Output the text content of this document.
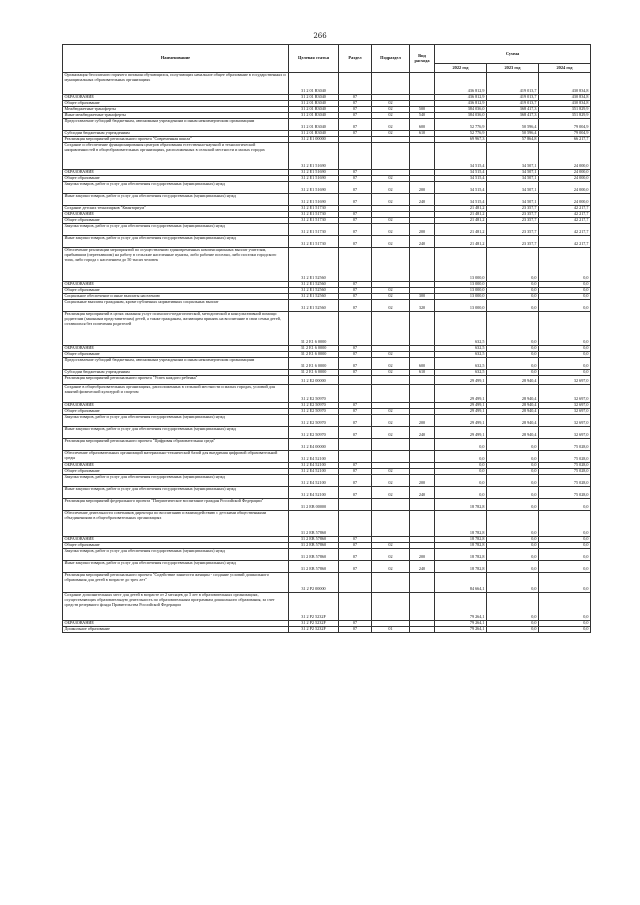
266
Наименование	Целевая статья	Раздел	Подраздел	Вид расхода	Сумма		
					2022 год	2023 год	2024 год
Организация бесплатного горячего питания обучающихся, получающих начальное общее образование в государственных и муниципальных образовательных организациях	31 2 01 R3040				436 812,9	419 013,7	430 834,8
ОБРАЗОВАНИЕ	31 2 01 R3040	07			436 812,9	419 013,7	430 834,8
Общее образование	31 2 01 R3040	07	02		436 812,9	419 013,7	430 834,8
Межбюджетные трансферты	31 2 01 R3040	07	02	500	384 036,0	368 417,3	351 829,9
Иные межбюджетные трансферты	31 2 01 R3040	07	02	540	384 036,0	368 417,3	351 829,9
Предоставление субсидий бюджетным, автономным учреждениям и иным некоммерческим организациям	31 2 01 R3040	07	02	600	52 776,9	50 596,4	79 004,9
Субсидии бюджетным учреждениям	31 2 01 R3040	07	02	610	52 776,9	50 596,4	79 004,9
Реализация мероприятий регионального проекта "Современная школа"	31 2 E1 00000				69 967,3	57 864,8	66 217,7
Создание и обеспечение функционирования центров образования естественно-научной и технологической направленностей в общеобразовательных организациях, расположенных в сельской местности и малых городах	31 2 E1 51690				34 515,4	34 507,1	24 000,0
ОБРАЗОВАНИЕ	31 2 E1 51690	07			34 515,4	34 507,1	24 000,0
Общее образование	31 2 E1 51690	07	02		34 515,4	34 507,1	24 000,0
Закупка товаров, работ и услуг для обеспечения государственных (муниципальных) нужд	31 2 E1 51690	07	02	200	34 515,4	34 507,1	24 000,0
Иные закупки товаров, работ и услуг для обеспечения государственных (муниципальных) нужд	31 2 E1 51690	07	02	240	34 515,4	34 507,1	24 000,0
Создание детских технопарков "Кванториум"	31 2 E1 51730				21 481,2	23 357,7	42 217,7
ОБРАЗОВАНИЕ	31 2 E1 51730	07			21 481,2	23 357,7	42 217,7
Общее образование	31 2 E1 51730	07	02		21 481,2	23 357,7	42 217,7
Закупка товаров, работ и услуг для обеспечения государственных (муниципальных) нужд	31 2 E1 51730	07	02	200	21 481,2	23 357,7	42 217,7
Иные закупки товаров, работ и услуг для обеспечения государственных (муниципальных) нужд	31 2 E1 51730	07	02	240	21 481,2	23 357,7	42 217,7
Обеспечение реализации мероприятий по осуществлению единовременных компенсационных выплат учителям, прибывшим (переехавшим) на работу в сельские населенные пункты, либо рабочие поселки, либо поселки городского типа, либо города с населением до 50 тысяч человек	31 2 E1 52560				13 000,0	0,0	0,0
ОБРАЗОВАНИЕ	31 2 E1 52560	07			13 000,0	0,0	0,0
Общее образование	31 2 E1 52560	07	02		13 000,0	0,0	0,0
Социальное обеспечение и иные выплаты населению	31 2 E1 52560	07	02	300	13 000,0	0,0	0,0
Социальные выплаты гражданам, кроме публичных нормативных социальных выплат	31 2 E1 52560	07	02	320	13 000,0	0,0	0,0
Реализация мероприятий в целях оказания услуг психолого-педагогической, методической и консультативной помощи родителям (законным представителям) детей, а также гражданам, желающим принять на воспитание в свои семьи детей, оставшихся без попечения родителей	31 2 E1 6 0000				632,5	0,0	0,0
ОБРАЗОВАНИЕ	31 2 E1 6 0000	07			632,5	0,0	0,0
Общее образование	31 2 E1 6 0000	07	02		632,5	0,0	0,0
Предоставление субсидий бюджетным, автономным учреждениям и иным некоммерческим организациям	31 2 E1 6 0000	07	02	600	632,5	0,0	0,0
Субсидии бюджетным учреждениям	31 2 E1 6 0000	07	02	610	632,5	0,0	0,0
Реализация мероприятий регионального проекта "Успех каждого ребенка"	31 2 E2 00000				29 499,1	28 940,4	32 697,0
Создание в общеобразовательных организациях, расположенных в сельской местности и малых городах, условий для занятий физической культурой и спортом	31 2 E2 50970				29 499,1	28 940,4	32 697,0
ОБРАЗОВАНИЕ	31 2 E2 50970	07			29 499,1	28 940,4	32 697,0
Общее образование	31 2 E2 50970	07	02		29 499,1	28 940,4	32 697,0
Закупка товаров, работ и услуг для обеспечения государственных (муниципальных) нужд	31 2 E2 50970	07	02	200	29 499,1	28 940,4	32 697,0
Иные закупки товаров, работ и услуг для обеспечения государственных (муниципальных) нужд	31 2 E2 50970	07	02	240	29 499,1	28 940,4	32 697,0
Реализация мероприятий регионального проекта "Цифровая образовательная среда"	31 2 E4 00000				0,0	0,0	75 028,0
Обеспечение образовательных организаций материально-технической базой для внедрения цифровой образовательной среды	31 2 E4 52100				0,0	0,0	75 028,0
ОБРАЗОВАНИЕ	31 2 E4 52100	07			0,0	0,0	75 028,0
Общее образование	31 2 E4 52100	07	02		0,0	0,0	75 028,0
Закупка товаров, работ и услуг для обеспечения государственных (муниципальных) нужд	31 2 E4 52100	07	02	200	0,0	0,0	75 028,0
Иные закупки товаров, работ и услуг для обеспечения государственных (муниципальных) нужд	31 2 E4 52100	07	02	240	0,0	0,0	75 028,0
Реализация мероприятий федерального проекта "Патриотическое воспитание граждан Российской Федерации"	31 2 EB 00000				18 782,8	0,0	0,0
Обеспечение деятельности советников директора по воспитанию и взаимодействию с детскими общественными объединениями в общеобразовательных организациях	31 2 EB 57860				18 782,8	0,0	0,0
ОБРАЗОВАНИЕ	31 2 EB 57860	07			18 782,8	0,0	0,0
Общее образование	31 2 EB 57860	07	02		18 782,8	0,0	0,0
Закупка товаров, работ и услуг для обеспечения государственных (муниципальных) нужд	31 2 EB 57860	07	02	200	18 782,8	0,0	0,0
Иные закупки товаров, работ и услуг для обеспечения государственных (муниципальных) нужд	31 2 EB 57860	07	02	240	18 782,8	0,0	0,0
Реализация мероприятий регионального проекта "Содействие занятости женщин - создание условий дошкольного образования для детей в возрасте до трех лет"	31 2 P2 00000				84 664,1	0,0	0,0
Создание дополнительных мест для детей в возрасте от 2 месяцев до 3 лет в образовательных организациях, осуществляющих образовательную деятельность по образовательным программам дошкольного образования, за счет средств резервного фонда Правительства Российской Федерации	31 2 P2 5232F				79 264,1	0,0	0,0
ОБРАЗОВАНИЕ	31 2 P2 5232F	07			79 264,1	0,0	0,0
Дошкольное образование	31 2 P2 5232F	07	01		79 264,1	0,0	0,0
